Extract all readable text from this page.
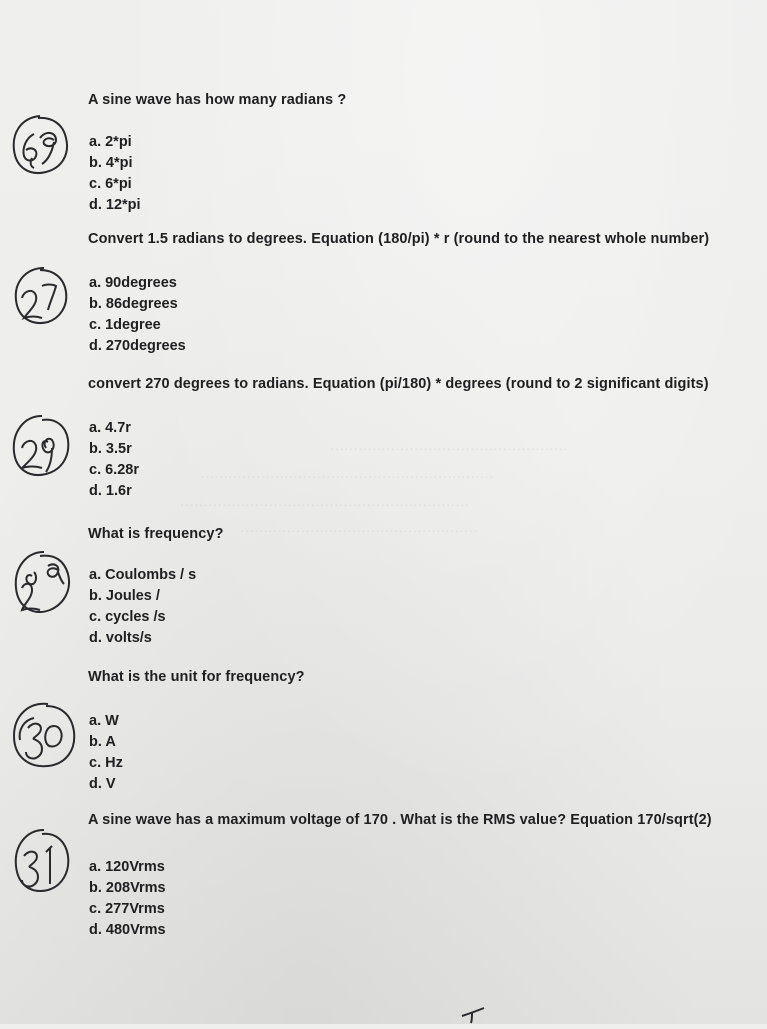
···················································
·······························································
······························································
···················································
A sine wave has how many radians ?
a. 2*pi
b. 4*pi
c. 6*pi
d. 12*pi
Convert 1.5 radians to degrees. Equation (180/pi) * r (round to the nearest whole number)
a. 90degrees
b. 86degrees
c. 1degree
d. 270degrees
convert 270 degrees to radians. Equation (pi/180) * degrees (round to 2 significant digits)
a. 4.7r
b. 3.5r
c. 6.28r
d. 1.6r
What is frequency?
a. Coulombs / s
b. Joules /
c. cycles /s
d. volts/s
What is the unit for frequency?
a. W
b. A
c. Hz
d. V
A sine wave has a maximum voltage of 170 . What is the RMS value? Equation 170/sqrt(2)
a. 120Vrms
b. 208Vrms
c. 277Vrms
d. 480Vrms
